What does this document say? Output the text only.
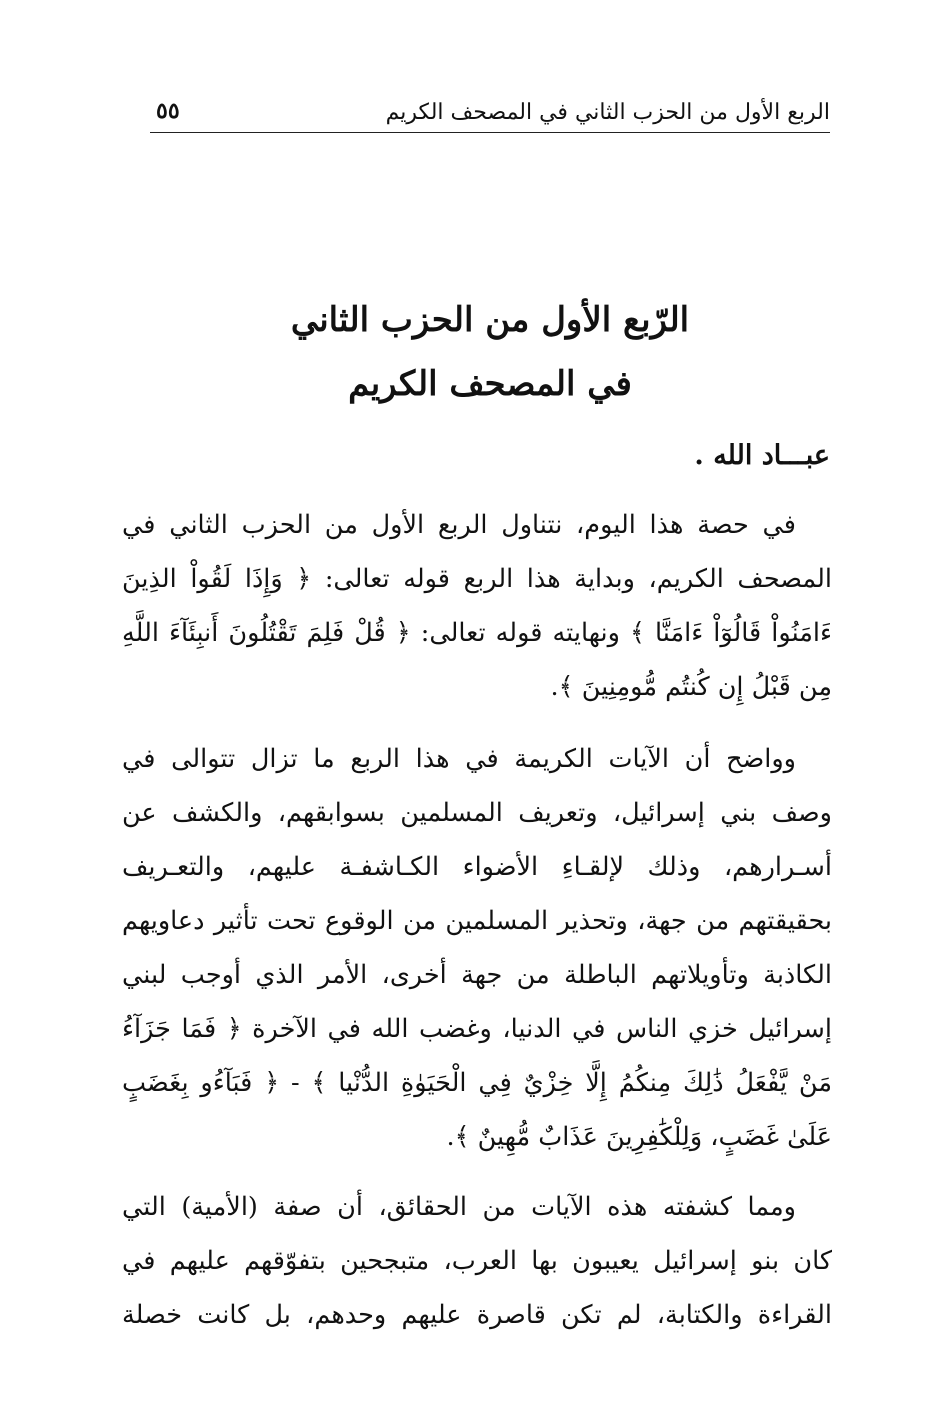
الربع الأول من الحزب الثاني في المصحف الكريم
٥٥
الرّبع الأول من الحزب الثاني
في المصحف الكريم
عبـــاد الله .
في حصة هذا اليوم، نتناول الربع الأول من الحزب الثاني في
المصحف الكريم، وبداية هذا الربع قوله تعالى: ﴿ وَإِذَا لَقُواْ الذِينَ
ءَامَنُواْ قَالُوٓاْ ءَامَنَّا ﴾ ونهايته قوله تعالى: ﴿ قُلْ فَلِمَ تَقْتُلُونَ أَنبِئَآءَ اللَّهِ
مِن قَبْلُ إِن كُنتُم مُّومِنِينَ ﴾.
وواضح أن الآيات الكريمة في هذا الربع ما تزال تتوالى في
وصف بني إسرائيل، وتعريف المسلمين بسوابقهم، والكشف عن
أسـرارهم، وذلك لإلقـاءِ الأضواء الكـاشفـة عليهم، والتعـريف
بحقيقتهم من جهة، وتحذير المسلمين من الوقوع تحت تأثير دعاويهم
الكاذبة وتأويلاتهم الباطلة من جهة أخرى، الأمر الذي أوجب لبني
إسرائيل خزي الناس في الدنيا، وغضب الله في الآخرة ﴿ فَمَا جَزَآءُ
مَنْ يَّفْعَلُ ذَٰلِكَ مِنكُمُ إِلَّا خِزْيٌ فِي الْحَيَوٰةِ الدُّنْيا ﴾ - ﴿ فَبَآءُو بِغَضَبٍ
عَلَىٰ غَضَبٍ، وَلِلْكَٰفِرِينَ عَذَابٌ مُّهِينٌ ﴾.
ومما كشفته هذه الآيات من الحقائق، أن صفة (الأمية) التي
كان بنو إسرائيل يعيبون بها العرب، متبجحين بتفوّقهم عليهم في
القراءة والكتابة، لم تكن قاصرة عليهم وحدهم، بل كانت خصلة
